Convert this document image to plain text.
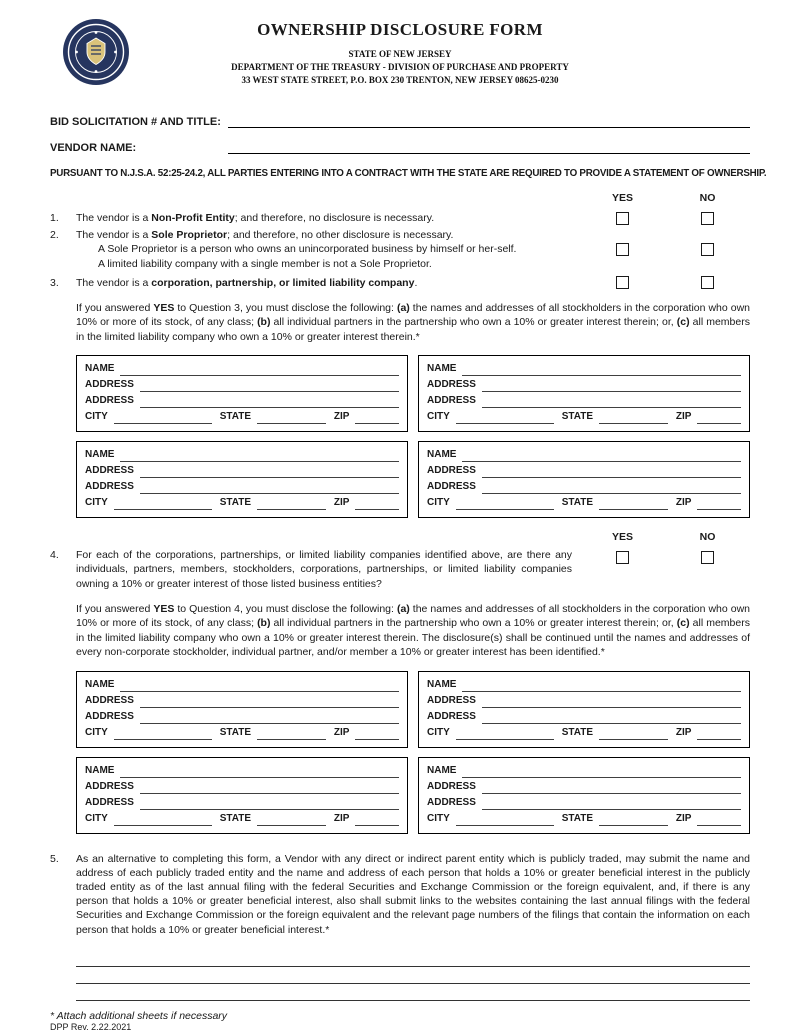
OWNERSHIP DISCLOSURE FORM
STATE OF NEW JERSEY
DEPARTMENT OF THE TREASURY - DIVISION OF PURCHASE AND PROPERTY
33 WEST STATE STREET, P.O. BOX 230 TRENTON, NEW JERSEY 08625-0230
BID SOLICITATION # AND TITLE:
VENDOR NAME:
PURSUANT TO N.J.S.A. 52:25-24.2, ALL PARTIES ENTERING INTO A CONTRACT WITH THE STATE ARE REQUIRED TO PROVIDE A STATEMENT OF OWNERSHIP.
YES	NO
1.	The vendor is a Non-Profit Entity; and therefore, no disclosure is necessary.
2.	The vendor is a Sole Proprietor; and therefore, no other disclosure is necessary.
A Sole Proprietor is a person who owns an unincorporated business by himself or her-self.
A limited liability company with a single member is not a Sole Proprietor.
3.	The vendor is a corporation, partnership, or limited liability company.
If you answered YES to Question 3, you must disclose the following: (a) the names and addresses of all stockholders in the corporation who own 10% or more of its stock, of any class; (b) all individual partners in the partnership who own a 10% or greater interest therein; or, (c) all members in the limited liability company who own a 10% or greater interest therein.*
NAME
ADDRESS
ADDRESS
CITY	STATE	ZIP
NAME
ADDRESS
ADDRESS
CITY	STATE	ZIP
NAME
ADDRESS
ADDRESS
CITY	STATE	ZIP
NAME
ADDRESS
ADDRESS
CITY	STATE	ZIP
YES	NO
4.	For each of the corporations, partnerships, or limited liability companies identified above, are there any individuals, partners, members, stockholders, corporations, partnerships, or limited liability companies owning a 10% or greater interest of those listed business entities?
If you answered YES to Question 4, you must disclose the following: (a) the names and addresses of all stockholders in the corporation who own 10% or more of its stock, of any class; (b) all individual partners in the partnership who own a 10% or greater interest therein; or, (c) all members in the limited liability company who own a 10% or greater interest therein. The disclosure(s) shall be continued until the names and addresses of every non-corporate stockholder, individual partner, and/or member a 10% or greater interest has been identified.*
NAME
ADDRESS
ADDRESS
CITY	STATE	ZIP
NAME
ADDRESS
ADDRESS
CITY	STATE	ZIP
NAME
ADDRESS
ADDRESS
CITY	STATE	ZIP
NAME
ADDRESS
ADDRESS
CITY	STATE	ZIP
5.	As an alternative to completing this form, a Vendor with any direct or indirect parent entity which is publicly traded, may submit the name and address of each publicly traded entity and the name and address of each person that holds a 10% or greater beneficial interest in the publicly traded entity as of the last annual filing with the federal Securities and Exchange Commission or the foreign equivalent, and, if there is any person that holds a 10% or greater beneficial interest, also shall submit links to the websites containing the last annual filings with the federal Securities and Exchange Commission or the foreign equivalent and the relevant page numbers of the filings that contain the information on each person that holds a 10% or greater beneficial interest.*
* Attach additional sheets if necessary
DPP Rev. 2.22.2021
